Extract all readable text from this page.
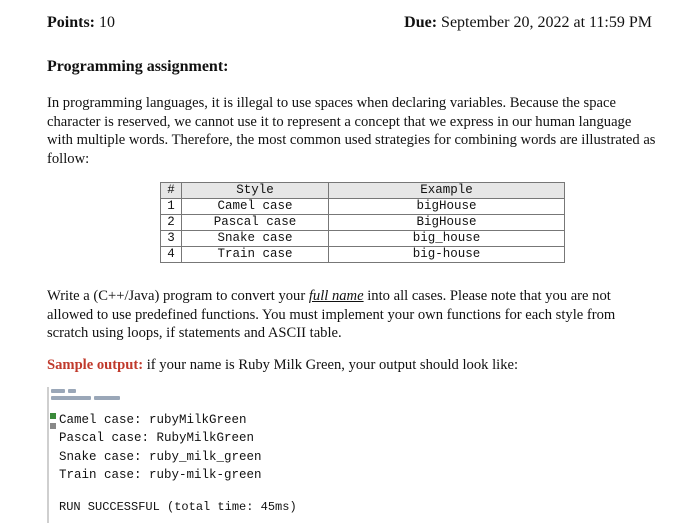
Points: 10	Due: September 20, 2022 at 11:59 PM
Programming assignment:
In programming languages, it is illegal to use spaces when declaring variables. Because the space character is reserved, we cannot use it to represent a concept that we express in our human language with multiple words. Therefore, the most common used strategies for combining words are illustrated as follow:
#	Style	Example
1	Camel case	bigHouse
2	Pascal case	BigHouse
3	Snake case	big_house
4	Train case	big-house
Write a (C++/Java) program to convert your full name into all cases. Please note that you are not allowed to use predefined functions. You must implement your own functions for each style from scratch using loops, if statements and ASCII table.
Sample output: if your name is Ruby Milk Green, your output should look like:
Camel case: rubyMilkGreen
Pascal case: RubyMilkGreen
Snake case: ruby_milk_green
Train case: ruby-milk-green
RUN SUCCESSFUL (total time: 45ms)
